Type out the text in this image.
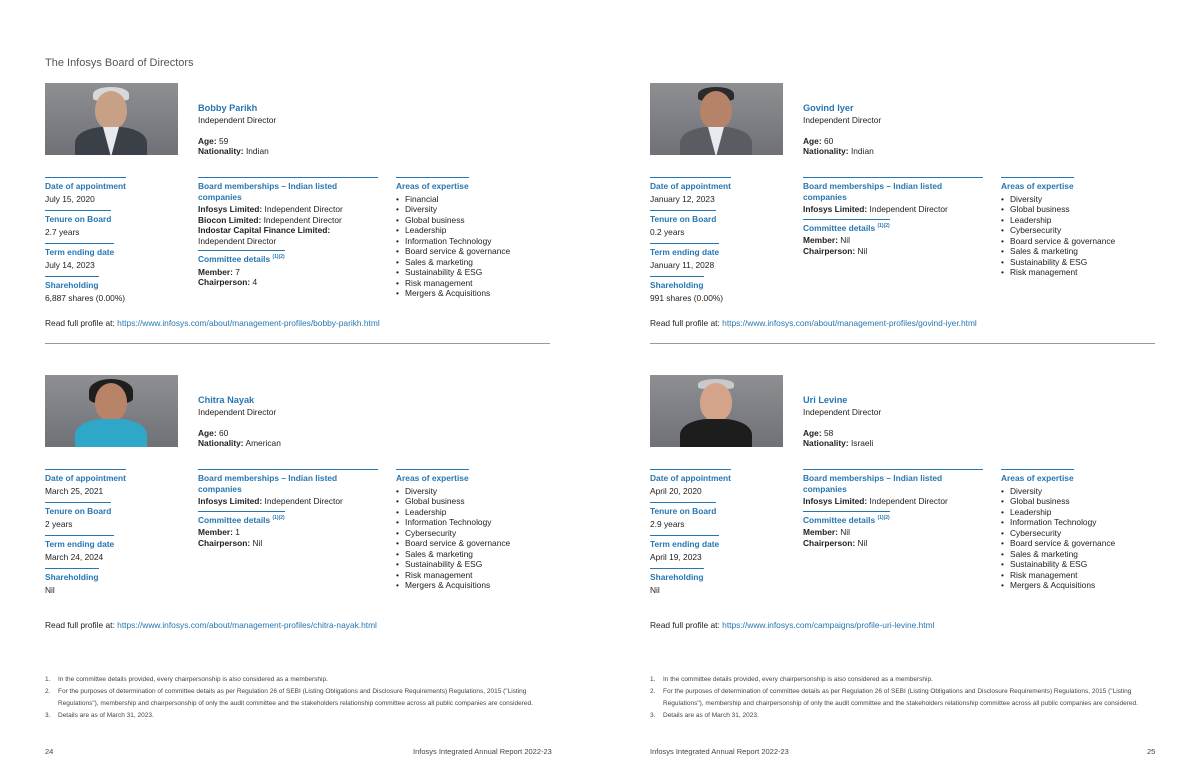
The Infosys Board of Directors
Bobby Parikh
Independent Director
Age: 59
Nationality: Indian
Date of appointment
July 15, 2020
Tenure on Board
2.7 years
Term ending date
July 14, 2023
Shareholding
6,887 shares (0.00%)
Board memberships – Indian listed companies
Infosys Limited: Independent Director
Biocon Limited: Independent Director
Indostar Capital Finance Limited: Independent Director
Committee details $^{(1)(2)}$
Member: 7
Chairperson: 4
Areas of expertise
• Financial
• Diversity
• Global business
• Leadership
• Information Technology
• Board service & governance
• Sales & marketing
• Sustainability & ESG
• Risk management
• Mergers & Acquisitions
Read full profile at: https://www.infosys.com/about/management-profiles/bobby-parikh.html
Govind Iyer
Independent Director
Age: 60
Nationality: Indian
Date of appointment
January 12, 2023
Tenure on Board
0.2 years
Term ending date
January 11, 2028
Shareholding
991 shares (0.00%)
Board memberships – Indian listed companies
Infosys Limited: Independent Director
Committee details $^{(1)(2)}$
Member: Nil
Chairperson: Nil
Areas of expertise
• Diversity
• Global business
• Leadership
• Cybersecurity
• Board service & governance
• Sales & marketing
• Sustainability & ESG
• Risk management
Read full profile at: https://www.infosys.com/about/management-profiles/govind-iyer.html
Chitra Nayak
Independent Director
Age: 60
Nationality: American
Date of appointment
March 25, 2021
Tenure on Board
2 years
Term ending date
March 24, 2024
Shareholding
Nil
Board memberships – Indian listed companies
Infosys Limited: Independent Director
Committee details $^{(1)(2)}$
Member: 1
Chairperson: Nil
Areas of expertise
• Diversity
• Global business
• Leadership
• Information Technology
• Cybersecurity
• Board service & governance
• Sales & marketing
• Sustainability & ESG
• Risk management
• Mergers & Acquisitions
Read full profile at: https://www.infosys.com/about/management-profiles/chitra-nayak.html
Uri Levine
Independent Director
Age: 58
Nationality: Israeli
Date of appointment
April 20, 2020
Tenure on Board
2.9 years
Term ending date
April 19, 2023
Shareholding
Nil
Board memberships – Indian listed companies
Infosys Limited: Independent Director
Committee details $^{(1)(2)}$
Member: Nil
Chairperson: Nil
Areas of expertise
• Diversity
• Global business
• Leadership
• Information Technology
• Cybersecurity
• Board service & governance
• Sales & marketing
• Sustainability & ESG
• Risk management
• Mergers & Acquisitions
Read full profile at: https://www.infosys.com/campaigns/profile-uri-levine.html
1. In the committee details provided, every chairpersonship is also considered as a membership.
2. For the purposes of determination of committee details as per Regulation 26 of SEBI (Listing Obligations and Disclosure Requirements) Regulations, 2015 ("Listing Regulations"), membership and chairpersonship of only the audit committee and the stakeholders relationship committee across all public companies are considered.
3. Details are as of March 31, 2023.
1. In the committee details provided, every chairpersonship is also considered as a membership.
2. For the purposes of determination of committee details as per Regulation 26 of SEBI (Listing Obligations and Disclosure Requirements) Regulations, 2015 ("Listing Regulations"), membership and chairpersonship of only the audit committee and the stakeholders relationship committee across all public companies are considered.
3. Details are as of March 31, 2023.
24	Infosys Integrated Annual Report 2022-23	Infosys Integrated Annual Report 2022-23	25
